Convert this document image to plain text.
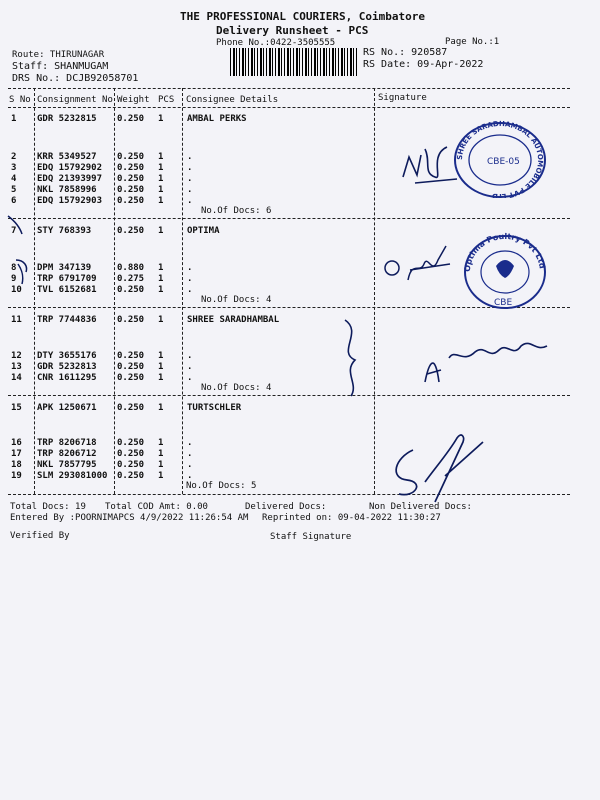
THE PROFESSIONAL COURIERS, Coimbatore
Delivery Runsheet - PCS
Phone No.:0422-3505555	Page No.:1
Route: THIRUNAGAR
Staff: SHANMUGAM
DRS No.: DCJB92058701
RS No.: 920587
RS Date: 09-Apr-2022
S No Consignment No Weight PCS Consignee Details	Signature
1 GDR 5232815 0.250 1	AMBAL PERKS
2 KRR 5349527 0.250 1	.
3 EDQ 15792902 0.250 1	.
4 EDQ 21393997 0.250 1	.
5 NKL 7858996 0.250 1	.
6 EDQ 15792903 0.250 1	.
No.Of Docs: 6
7 STY 768393	0.250 1	OPTIMA
8 DPM 347139	0.880 1	.
9 TRP 6791709 0.275 1	.
10 TVL 6152681 0.250 1	.
No.Of Docs: 4
11 TRP 7744836 0.250 1	SHREE SARADHAMBAL
12 DTY 3655176 0.250 1	.
13 GDR 5232813 0.250 1	.
14 CNR 1611295 0.250 1	.
No.Of Docs: 4
15 APK 1250671 0.250 1	TURTSCHLER
16 TRP 8206718 0.250 1	.
17 TRP 8206712 0.250 1	.
18 NKL 7857795 0.250 1	.
19 SLM 293081000 0.250 1	.
No.Of Docs: 5
Total Docs: 19 Total COD Amt: 0.00	Delivered Docs:	Non Delivered Docs:
Entered By :POORNIMAPCS 4/9/2022 11:26:54 AM Reprinted on: 09-04-2022 11:30:27
Verified By	Staff Signature
SHREE SARADHAMBAL AUTOMOBILE PVT LTD
CBE-05
Optima Poultry Pvt Ltd
CBE
